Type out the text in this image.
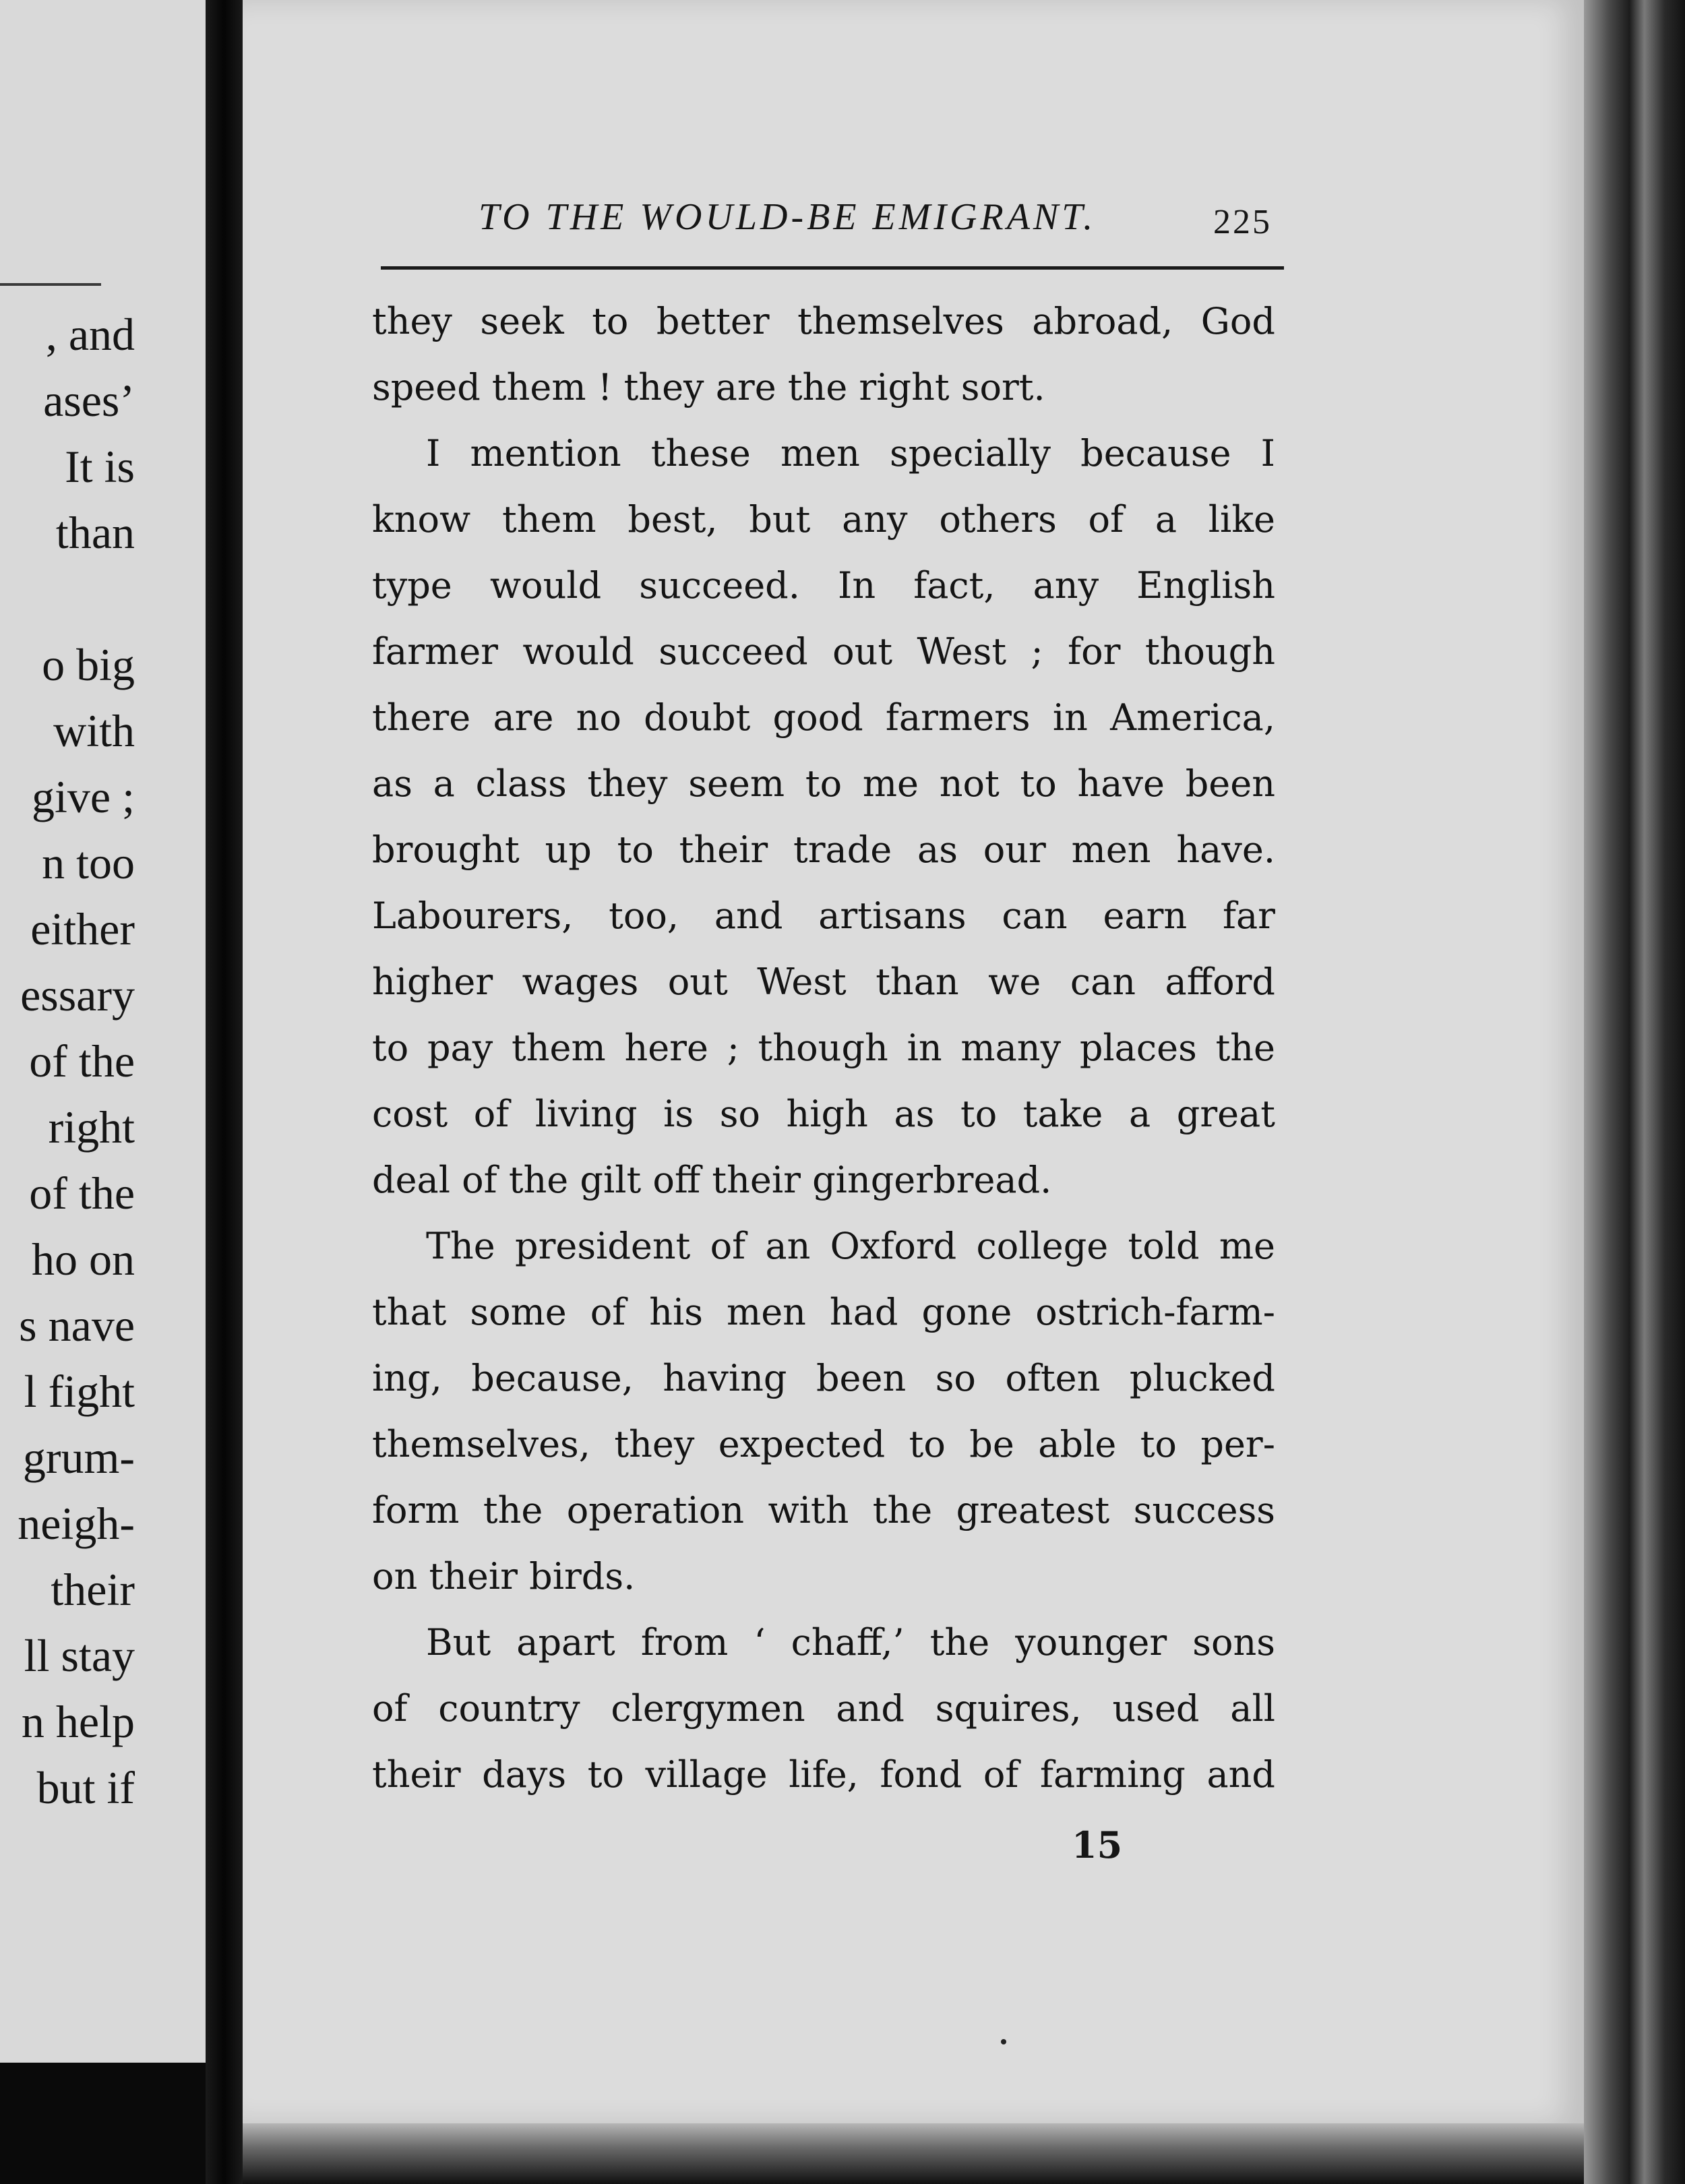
, and
ases’
It is
than
o big
with
give ;
n too
either
essary
of the
right
of the
ho on
s nave
l fight
grum-
neigh-
their
ll stay
n help
but if
TO THE WOULD-BE EMIGRANT.	225
they seek to better themselves abroad, God
speed them ! they are the right sort.
I mention these men specially because I
know them best, but any others of a like
type would succeed. In fact, any English
farmer would succeed out West ; for though
there are no doubt good farmers in America,
as a class they seem to me not to have been
brought up to their trade as our men have.
Labourers, too, and artisans can earn far
higher wages out West than we can afford
to pay them here ; though in many places the
cost of living is so high as to take a great
deal of the gilt off their gingerbread.
The president of an Oxford college told me
that some of his men had gone ostrich-farm-
ing, because, having been so often plucked
themselves, they expected to be able to per-
form the operation with the greatest success
on their birds.
But apart from ‘ chaff,’ the younger sons
of country clergymen and squires, used all
their days to village life, fond of farming and
15
